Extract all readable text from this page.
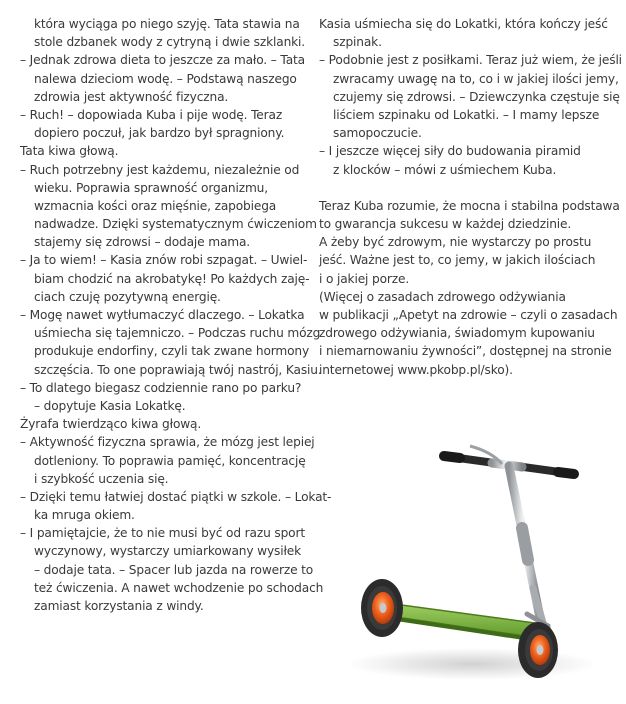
która wyciąga po niego szyję. Tata stawia na
stole dzbanek wody z cytryną i dwie szklanki.
– Jednak zdrowa dieta to jeszcze za mało. – Tata
nalewa dzieciom wodę. – Podstawą naszego
zdrowia jest aktywność fizyczna.
– Ruch! – dopowiada Kuba i pije wodę. Teraz
dopiero poczuł, jak bardzo był spragniony.
Tata kiwa głową.
– Ruch potrzebny jest każdemu, niezależnie od
wieku. Poprawia sprawność organizmu,
wzmacnia kości oraz mięśnie, zapobiega
nadwadze. Dzięki systematycznym ćwiczeniom
stajemy się zdrowsi – dodaje mama.
– Ja to wiem! – Kasia znów robi szpagat. – Uwiel-
biam chodzić na akrobatykę! Po każdych zaję-
ciach czuję pozytywną energię.
– Mogę nawet wytłumaczyć dlaczego. – Lokatka
uśmiecha się tajemniczo. – Podczas ruchu mózg
produkuje endorfiny, czyli tak zwane hormony
szczęścia. To one poprawiają twój nastrój, Kasiu.
– To dlatego biegasz codziennie rano po parku?
– dopytuje Kasia Lokatkę.
Żyrafa twierdząco kiwa głową.
– Aktywność fizyczna sprawia, że mózg jest lepiej
dotleniony. To poprawia pamięć, koncentrację
i szybkość uczenia się.
– Dzięki temu łatwiej dostać piątki w szkole. – Lokat-
ka mruga okiem.
– I pamiętajcie, że to nie musi być od razu sport
wyczynowy, wystarczy umiarkowany wysiłek
– dodaje tata. – Spacer lub jazda na rowerze to
też ćwiczenia. A nawet wchodzenie po schodach
zamiast korzystania z windy.
Kasia uśmiecha się do Lokatki, która kończy jeść
szpinak.
– Podobnie jest z posiłkami. Teraz już wiem, że jeśli
zwracamy uwagę na to, co i w jakiej ilości jemy,
czujemy się zdrowsi. – Dziewczynka częstuje się
liściem szpinaku od Lokatki. – I mamy lepsze
samopoczucie.
– I jeszcze więcej siły do budowania piramid
z klocków – mówi z uśmiechem Kuba.
Teraz Kuba rozumie, że mocna i stabilna podstawa
to gwarancja sukcesu w każdej dziedzinie.
A żeby być zdrowym, nie wystarczy po prostu
jeść. Ważne jest to, co jemy, w jakich ilościach
i o jakiej porze.
(Więcej o zasadach zdrowego odżywiania
w publikacji „Apetyt na zdrowie – czyli o zasadach
zdrowego odżywiania, świadomym kupowaniu
i niemarnowaniu żywności”, dostępnej na stronie
internetowej www.pkobp.pl/sko).
